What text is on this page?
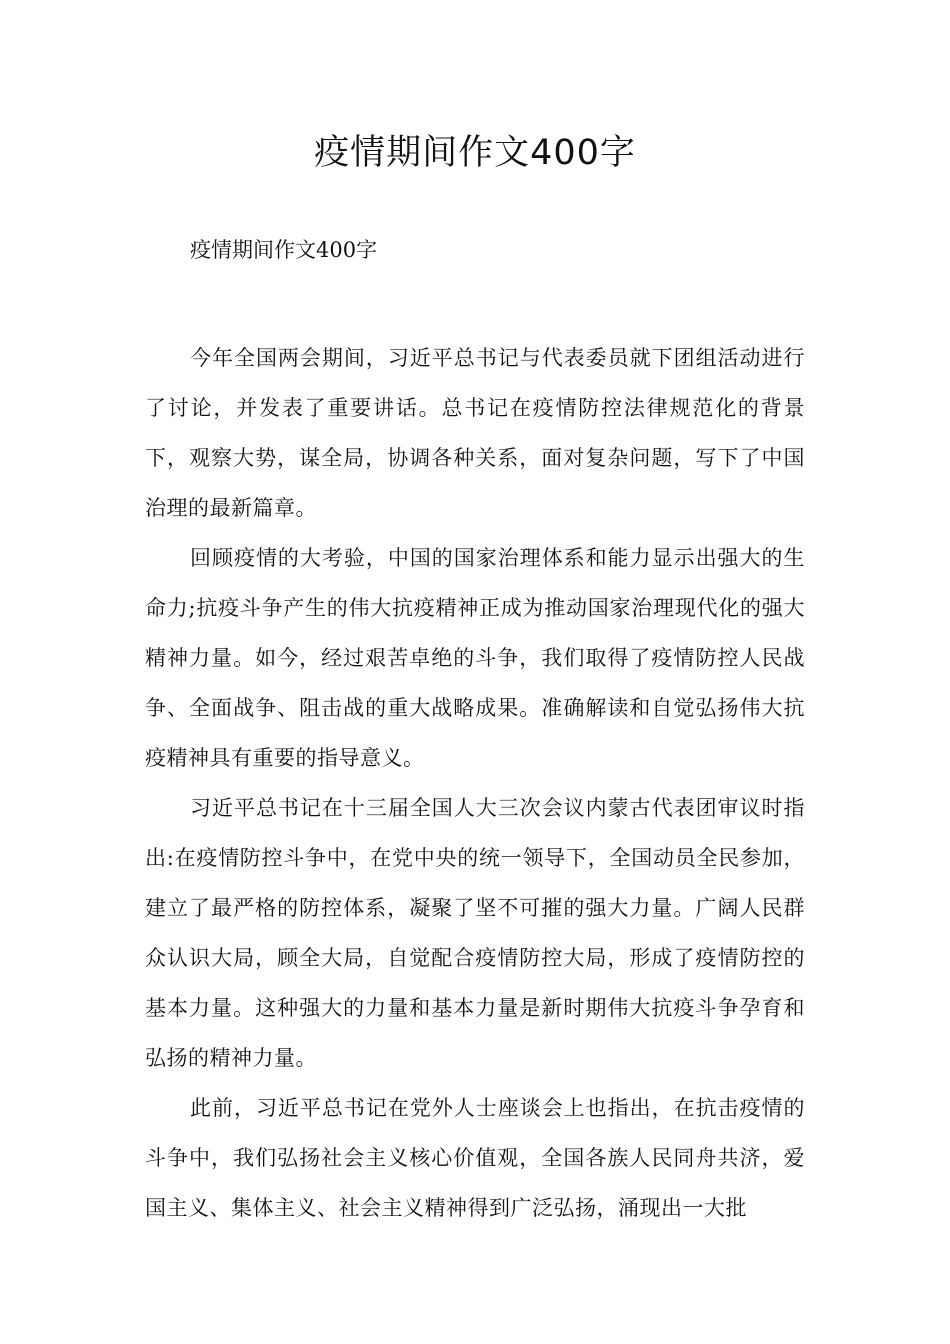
疫情期间作文400字

疫情期间作文400字

今年全国两会期间，习近平总书记与代表委员就下团组活动进行了讨论，并发表了重要讲话。总书记在疫情防控法律规范化的背景下，观察大势，谋全局，协调各种关系，面对复杂问题，写下了中国治理的最新篇章。

回顾疫情的大考验，中国的国家治理体系和能力显示出强大的生命力;抗疫斗争产生的伟大抗疫精神正成为推动国家治理现代化的强大精神力量。如今，经过艰苦卓绝的斗争，我们取得了疫情防控人民战争、全面战争、阻击战的重大战略成果。准确解读和自觉弘扬伟大抗疫精神具有重要的指导意义。

习近平总书记在十三届全国人大三次会议内蒙古代表团审议时指出:在疫情防控斗争中，在党中央的统一领导下，全国动员全民参加，建立了最严格的防控体系，凝聚了坚不可摧的强大力量。广阔人民群众认识大局，顾全大局，自觉配合疫情防控大局，形成了疫情防控的基本力量。这种强大的力量和基本力量是新时期伟大抗疫斗争孕育和弘扬的精神力量。

此前，习近平总书记在党外人士座谈会上也指出，在抗击疫情的斗争中，我们弘扬社会主义核心价值观，全国各族人民同舟共济，爱国主义、集体主义、社会主义精神得到广泛弘扬，涌现出一大批
